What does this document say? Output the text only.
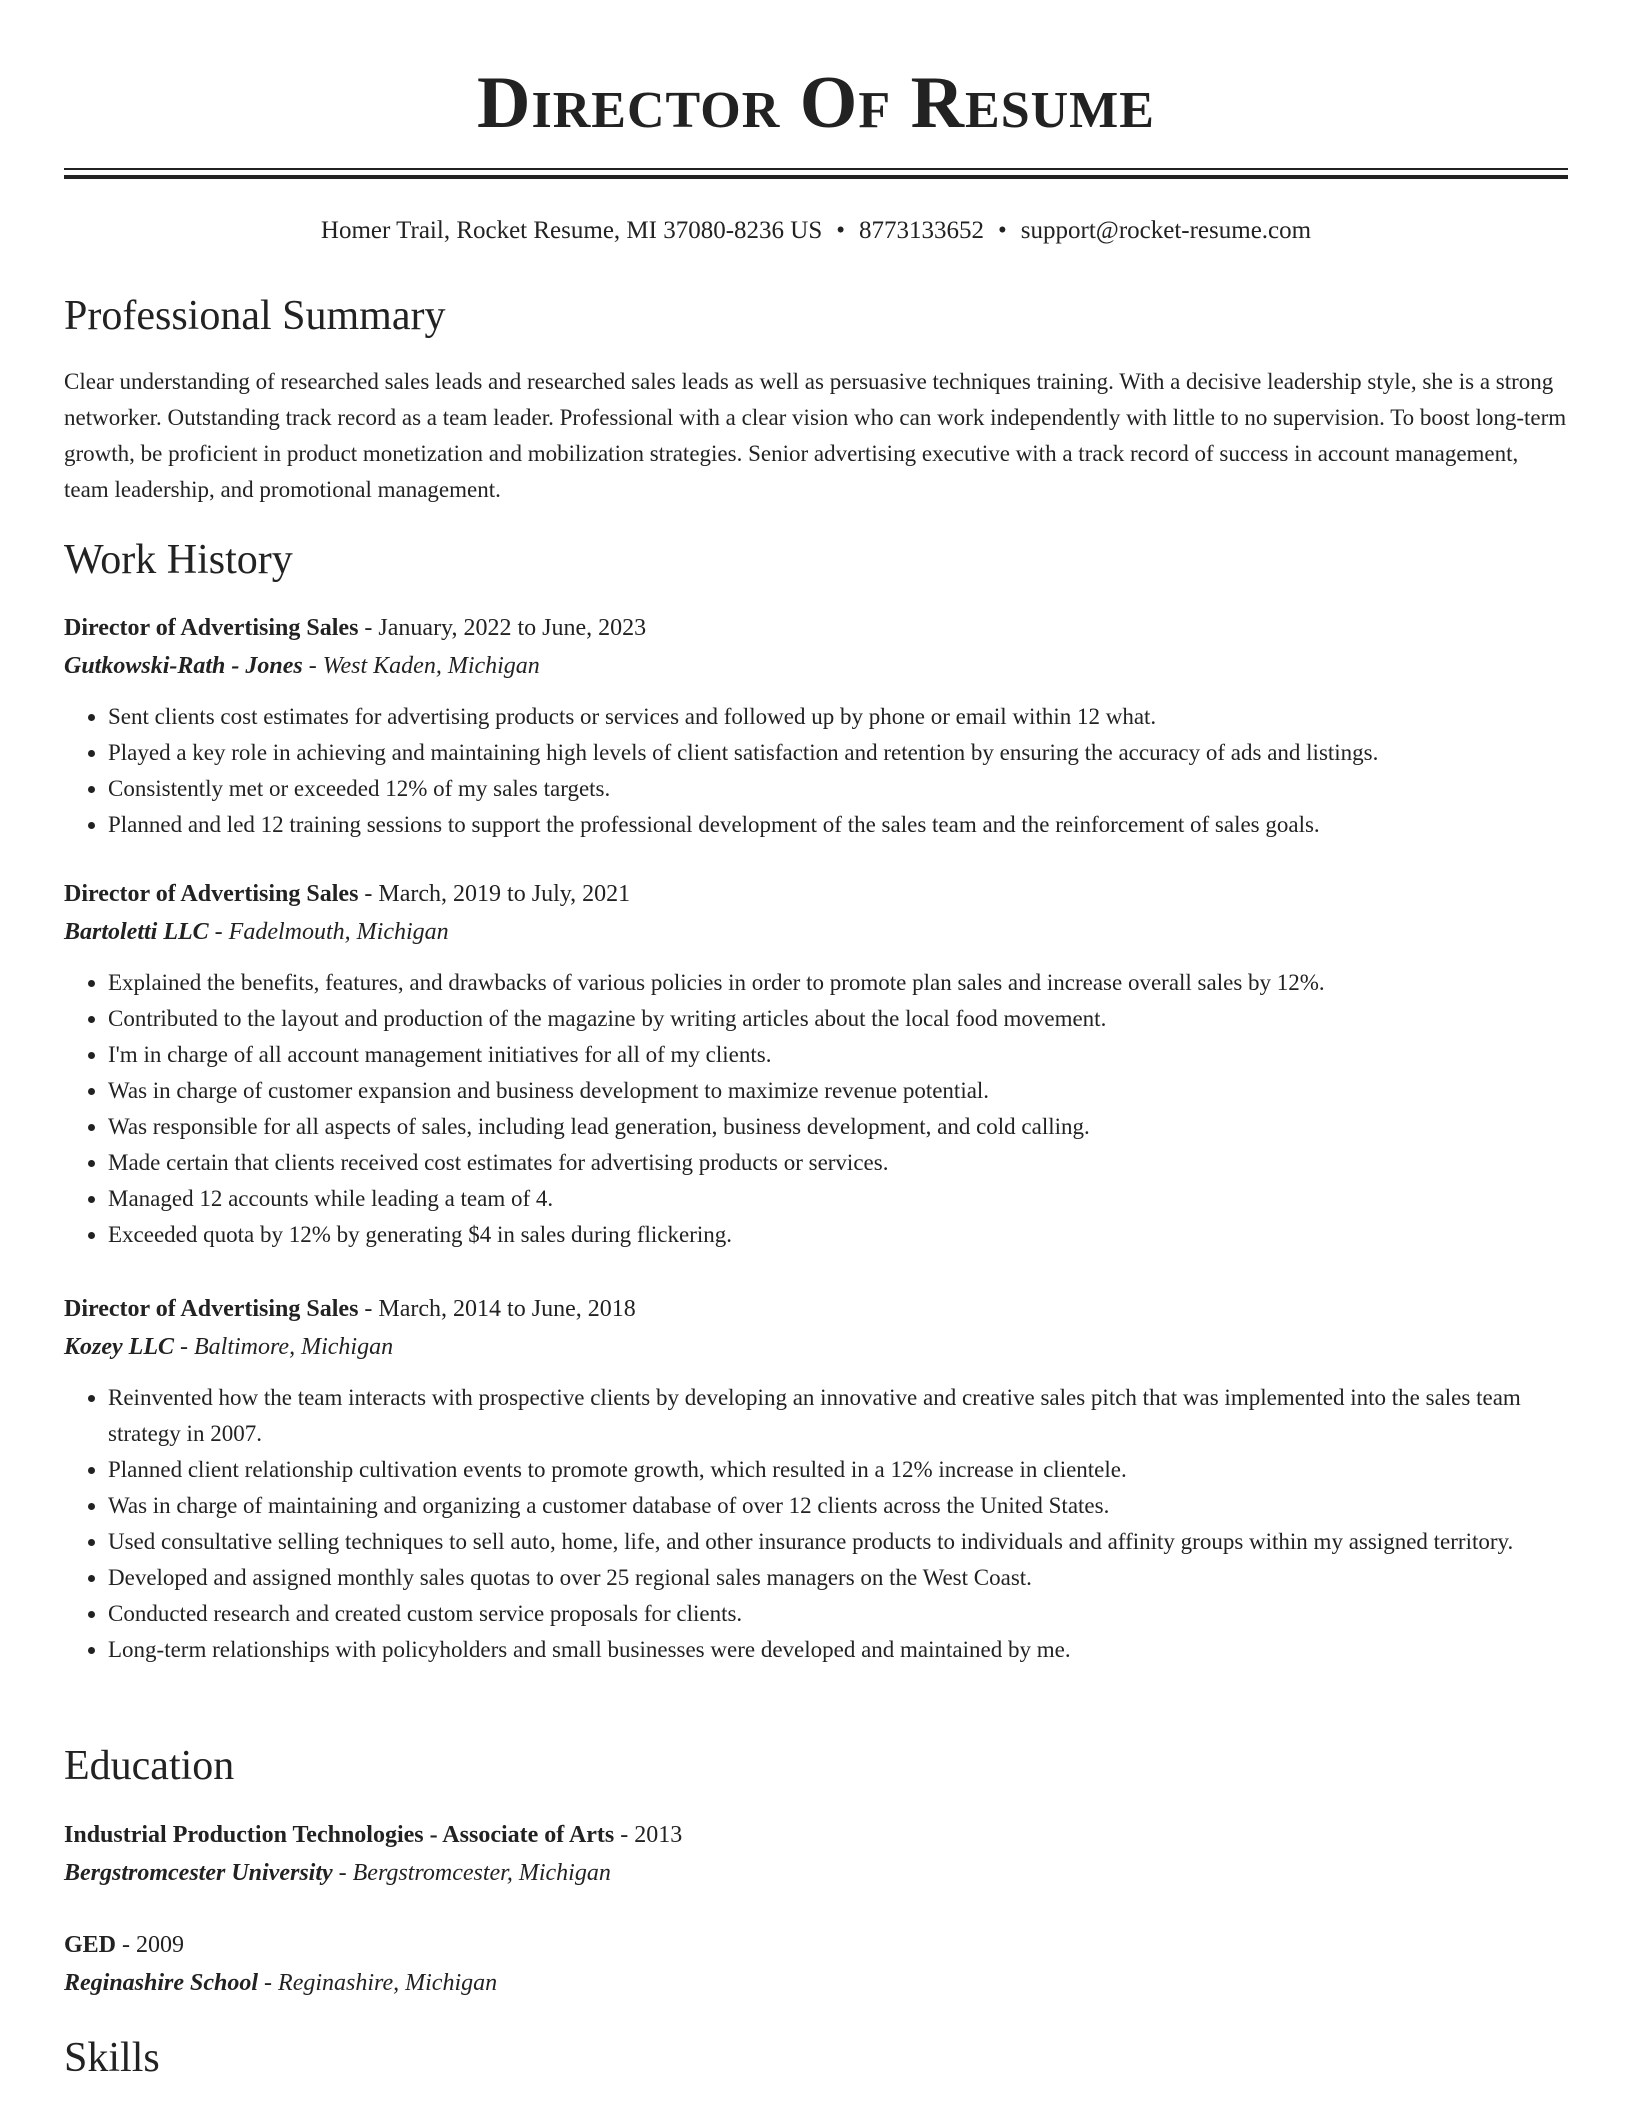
Director Of Resume
Homer Trail, Rocket Resume, MI 37080-8236 US • 8773133652 • support@rocket-resume.com
Professional Summary

Clear understanding of researched sales leads and researched sales leads as well as persuasive techniques training. With a decisive leadership style, she is a strong networker. Outstanding track record as a team leader. Professional with a clear vision who can work independently with little to no supervision. To boost long-term growth, be proficient in product monetization and mobilization strategies. Senior advertising executive with a track record of success in account management, team leadership, and promotional management.

Work History
Director of Advertising Sales - January, 2022 to June, 2023
Gutkowski-Rath - Jones - West Kaden, Michigan
• Sent clients cost estimates for advertising products or services and followed up by phone or email within 12 what.
• Played a key role in achieving and maintaining high levels of client satisfaction and retention by ensuring the accuracy of ads and listings.
• Consistently met or exceeded 12% of my sales targets.
• Planned and led 12 training sessions to support the professional development of the sales team and the reinforcement of sales goals.
Director of Advertising Sales - March, 2019 to July, 2021
Bartoletti LLC - Fadelmouth, Michigan
• Explained the benefits, features, and drawbacks of various policies in order to promote plan sales and increase overall sales by 12%.
• Contributed to the layout and production of the magazine by writing articles about the local food movement.
• I'm in charge of all account management initiatives for all of my clients.
• Was in charge of customer expansion and business development to maximize revenue potential.
• Was responsible for all aspects of sales, including lead generation, business development, and cold calling.
• Made certain that clients received cost estimates for advertising products or services.
• Managed 12 accounts while leading a team of 4.
• Exceeded quota by 12% by generating $4 in sales during flickering.
Director of Advertising Sales - March, 2014 to June, 2018
Kozey LLC - Baltimore, Michigan
• Reinvented how the team interacts with prospective clients by developing an innovative and creative sales pitch that was implemented into the sales team strategy in 2007.
• Planned client relationship cultivation events to promote growth, which resulted in a 12% increase in clientele.
• Was in charge of maintaining and organizing a customer database of over 12 clients across the United States.
• Used consultative selling techniques to sell auto, home, life, and other insurance products to individuals and affinity groups within my assigned territory.
• Developed and assigned monthly sales quotas to over 25 regional sales managers on the West Coast.
• Conducted research and created custom service proposals for clients.
• Long-term relationships with policyholders and small businesses were developed and maintained by me.
Education
Industrial Production Technologies - Associate of Arts - 2013
Bergstromcester University - Bergstromcester, Michigan
GED - 2009
Reginashire School - Reginashire, Michigan
Skills
